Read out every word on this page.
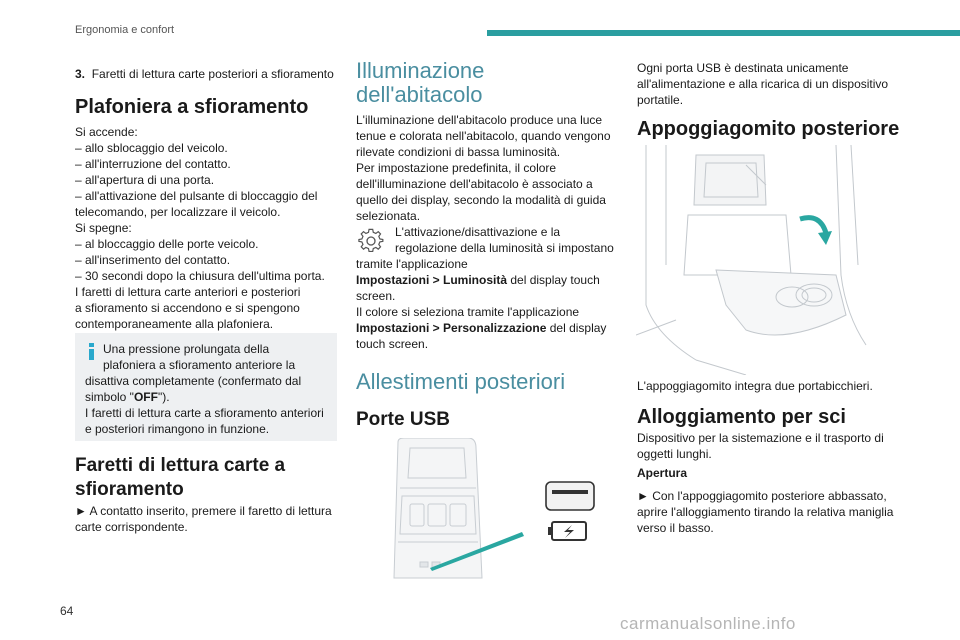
Ergonomia e confort

3. Faretti di lettura carte posteriori a sfioramento

Plafoniera a sfioramento

Si accende:

– allo sblocaggio del veicolo.

– all'interruzione del contatto.

– all'apertura di una porta.

– all'attivazione del pulsante di bloccaggio del

telecomando, per localizzare il veicolo.

Si spegne:

– al bloccaggio delle porte veicolo.

– all'inserimento del contatto.

– 30 secondi dopo la chiusura dell'ultima porta.

I faretti di lettura carte anteriori e posteriori

a sfioramento si accendono e si spengono

contemporaneamente alla plafoniera.

Una pressione prolungata della

plafoniera a sfioramento anteriore la

disattiva completamente (confermato dal

simbolo "OFF").

I faretti di lettura carte a sfioramento anteriori

e posteriori rimangono in funzione.

Faretti di lettura carte a

sfioramento

► A contatto inserito, premere il faretto di lettura

carte corrispondente.

Illuminazione

dell'abitacolo

L'illuminazione dell'abitacolo produce una luce

tenue e colorata nell'abitacolo, quando vengono

rilevate condizioni di bassa luminosità.

Per impostazione predefinita, il colore

dell'illuminazione dell'abitacolo è associato a

quello dei display, secondo la modalità di guida

selezionata.

L'attivazione/disattivazione e la

regolazione della luminosità si impostano

tramite l'applicazione

Impostazioni > Luminosità del display touch

screen.

Il colore si seleziona tramite l'applicazione

Impostazioni > Personalizzazione del display

touch screen.

Allestimenti posteriori
Porte USB

Ogni porta USB è destinata unicamente

all'alimentazione e alla ricarica di un dispositivo

portatile.

Appoggiagomito posteriore
L'appoggiagomito integra due portabicchieri.
Alloggiamento per sci

Dispositivo per la sistemazione e il trasporto di

oggetti lunghi.

Apertura

► Con l'appoggiagomito posteriore abbassato,

aprire l'alloggiamento tirando la relativa maniglia

verso il basso.

64
carmanualsonline.info
